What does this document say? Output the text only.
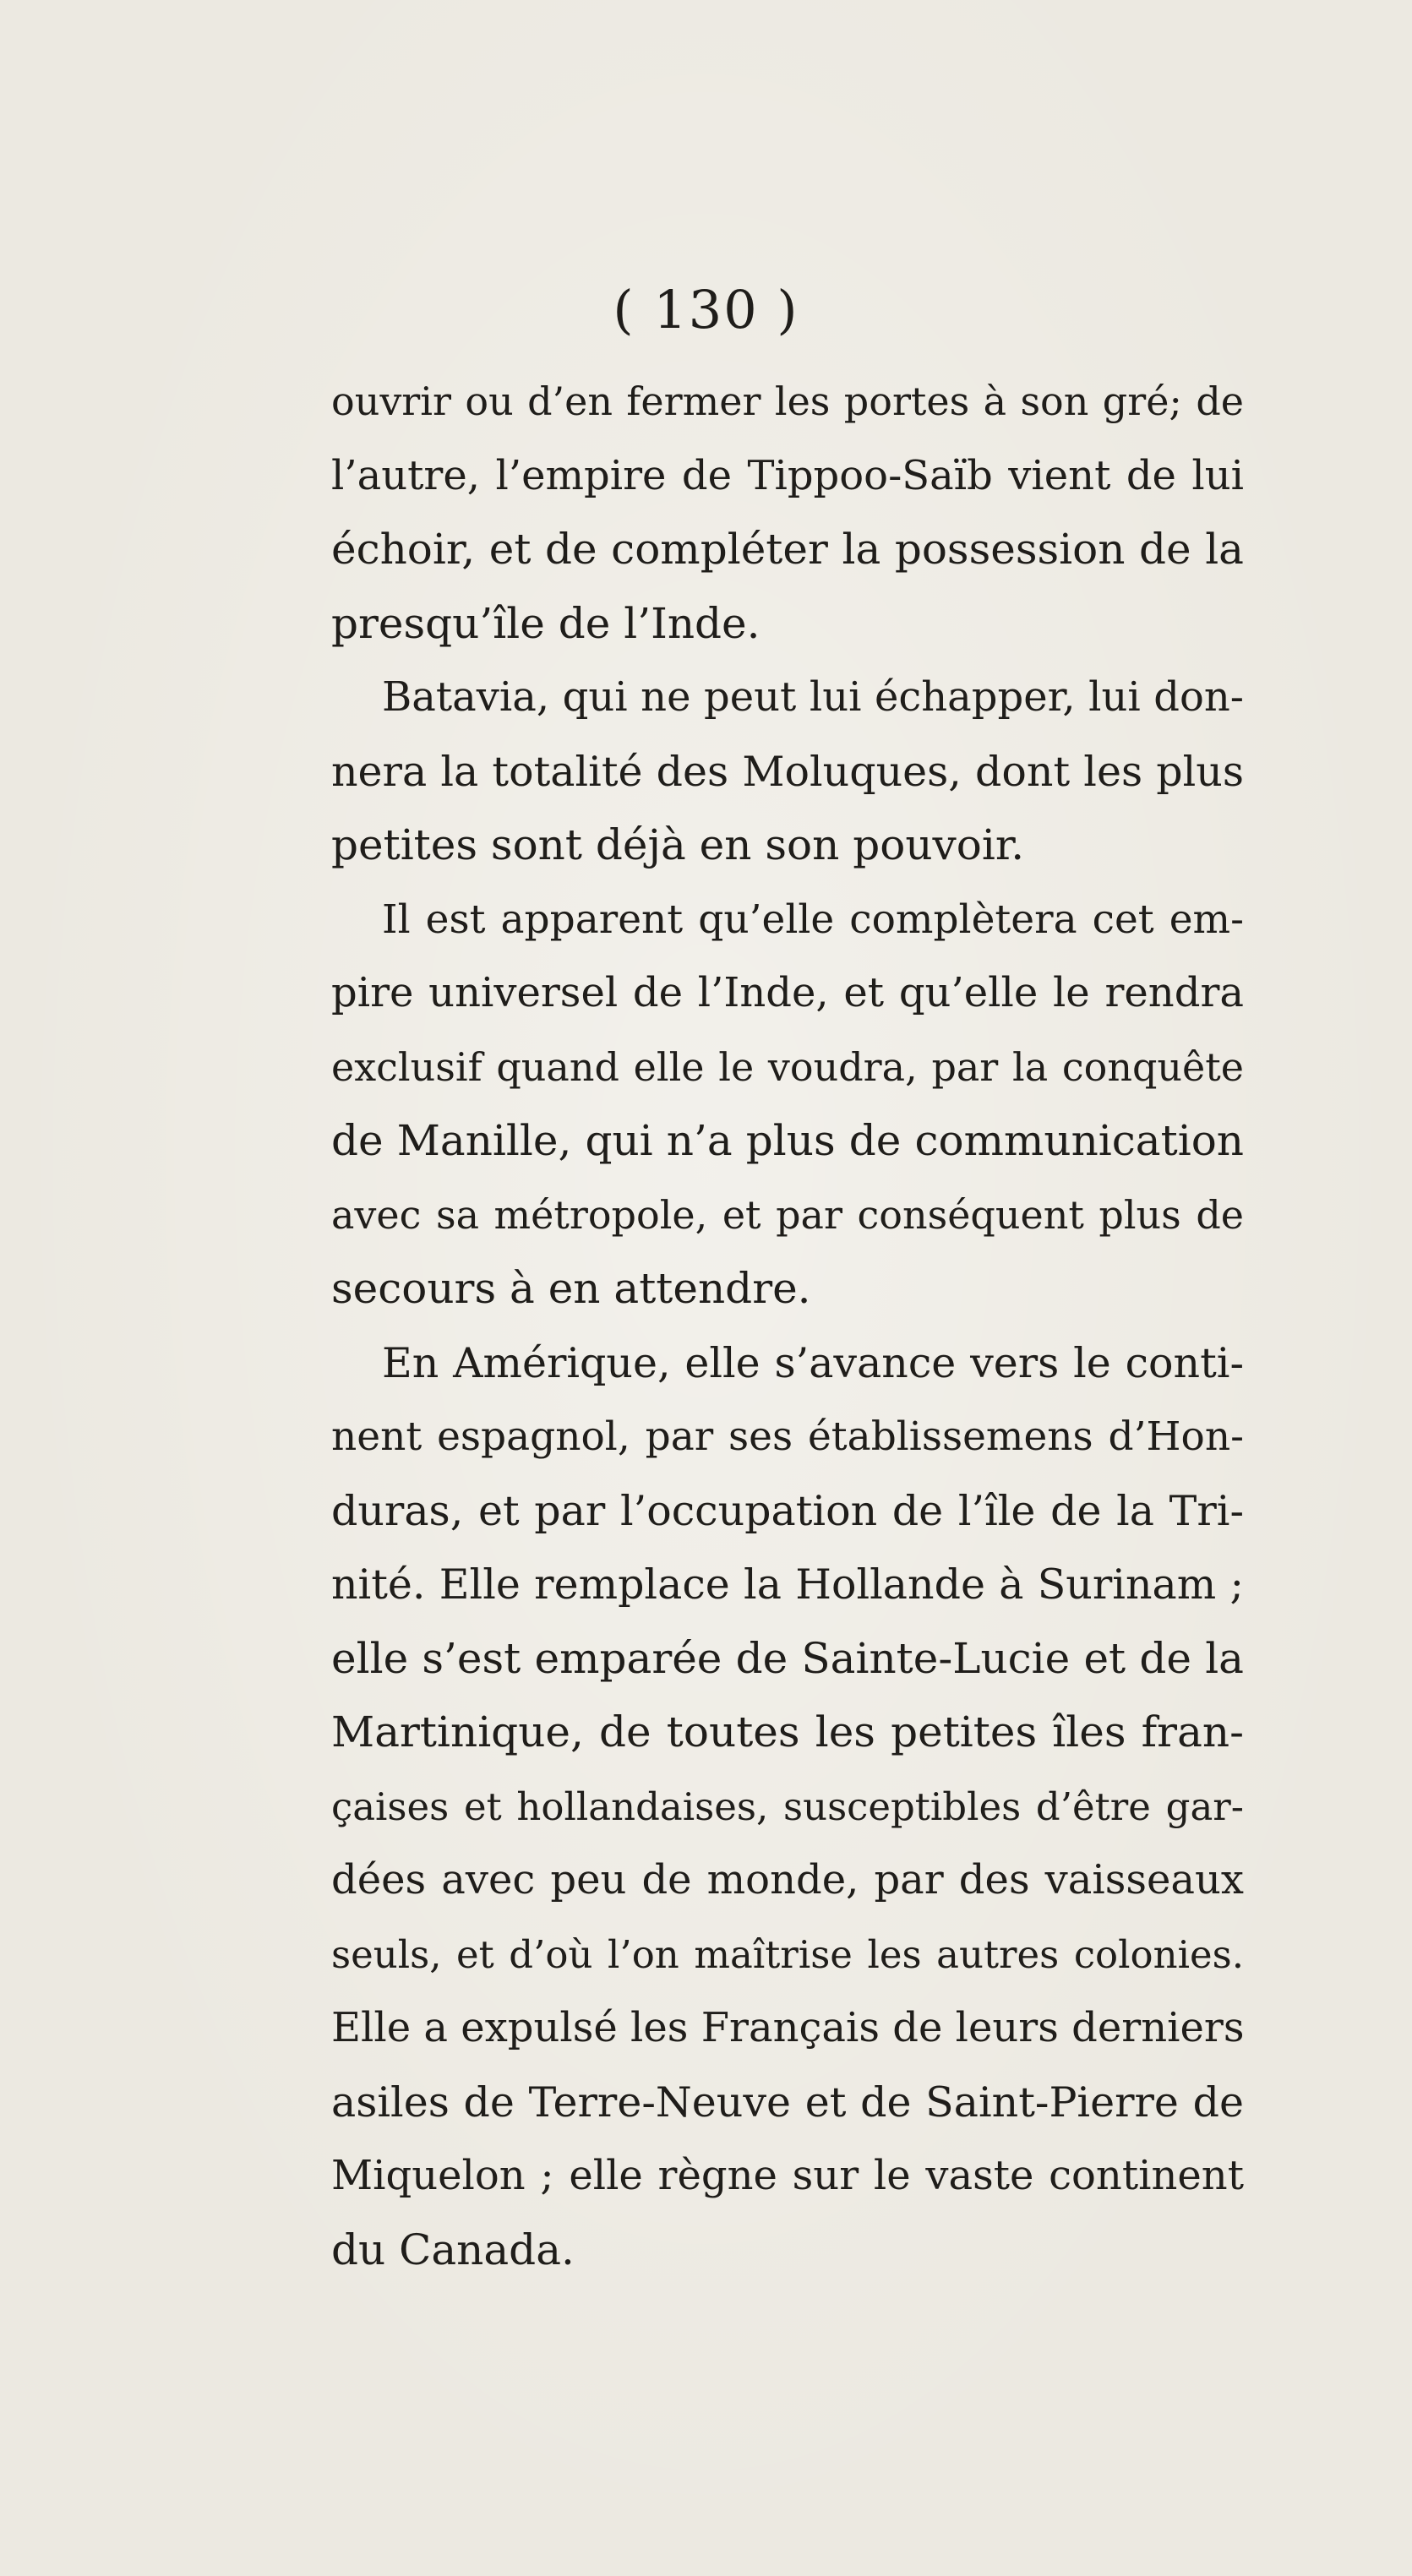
( 130 )
ouvrir ou d’en fermer les portes à son gré; de
l’autre, l’empire de Tippoo-Saïb vient de lui
échoir, et de compléter la possession de la
presqu’île de l’Inde.
Batavia, qui ne peut lui échapper, lui don-
nera la totalité des Moluques, dont les plus
petites sont déjà en son pouvoir.
Il est apparent qu’elle complètera cet em-
pire universel de l’Inde, et qu’elle le rendra
exclusif quand elle le voudra, par la conquête
de Manille, qui n’a plus de communication
avec sa métropole, et par conséquent plus de
secours à en attendre.
En Amérique, elle s’avance vers le conti-
nent espagnol, par ses établissemens d’Hon-
duras, et par l’occupation de l’île de la Tri-
nité. Elle remplace la Hollande à Surinam ;
elle s’est emparée de Sainte-Lucie et de la
Martinique, de toutes les petites îles fran-
çaises et hollandaises, susceptibles d’être gar-
dées avec peu de monde, par des vaisseaux
seuls, et d’où l’on maîtrise les autres colonies.
Elle a expulsé les Français de leurs derniers
asiles de Terre-Neuve et de Saint-Pierre de
Miquelon ; elle règne sur le vaste continent
du Canada.
